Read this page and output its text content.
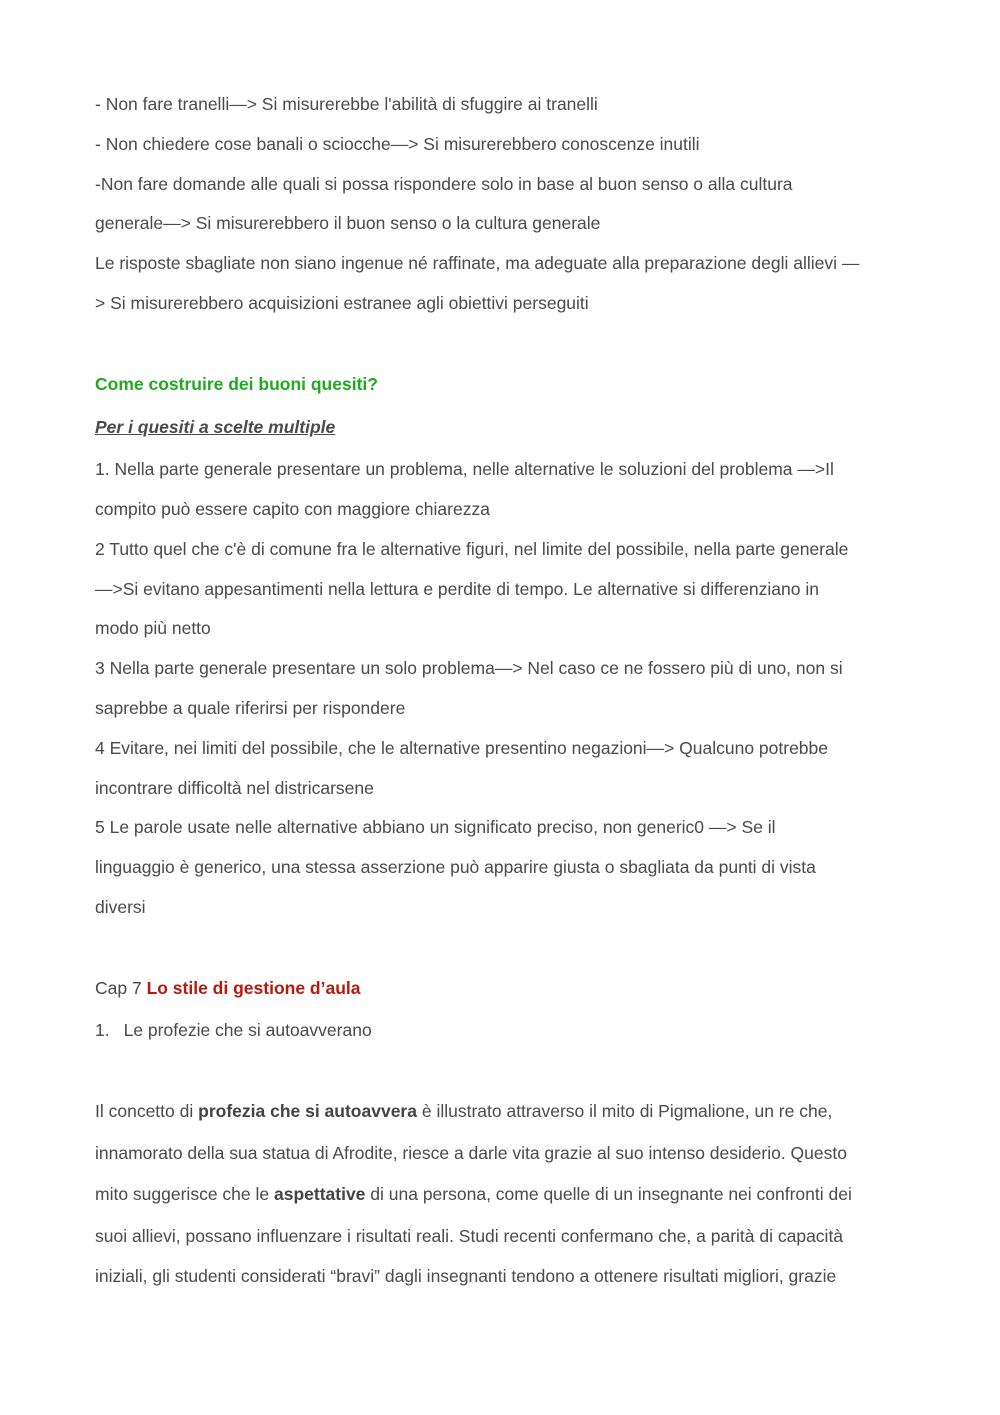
- Non fare tranelli—> Si misurerebbe l'abilità di sfuggire ai tranelli
- Non chiedere cose banali o sciocche—> Si misurerebbero conoscenze inutili
-Non fare domande alle quali si possa rispondere solo in base al buon senso o alla cultura
generale—> Si misurerebbero il buon senso o la cultura generale
Le risposte sbagliate non siano ingenue né raffinate, ma adeguate alla preparazione degli allievi —
> Si misurerebbero acquisizioni estranee agli obiettivi perseguiti
Come costruire dei buoni quesiti?
Per i quesiti a scelte multiple
1. Nella parte generale presentare un problema, nelle alternative le soluzioni del problema —>Il
compito può essere capito con maggiore chiarezza
2 Tutto quel che c'è di comune fra le alternative figuri, nel limite del possibile, nella parte generale
—>Si evitano appesantimenti nella lettura e perdite di tempo. Le alternative si differenziano in
modo più netto
3 Nella parte generale presentare un solo problema—> Nel caso ce ne fossero più di uno, non si
saprebbe a quale riferirsi per rispondere
4 Evitare, nei limiti del possibile, che le alternative presentino negazioni—> Qualcuno potrebbe
incontrare difficoltà nel districarsene
5 Le parole usate nelle alternative abbiano un significato preciso, non generic0 —> Se il
linguaggio è generico, una stessa asserzione può apparire giusta o sbagliata da punti di vista
diversi
Cap 7 Lo stile di gestione d’aula
1. Le profezie che si autoavverano
Il concetto di profezia che si autoavvera è illustrato attraverso il mito di Pigmalione, un re che,
innamorato della sua statua di Afrodite, riesce a darle vita grazie al suo intenso desiderio. Questo
mito suggerisce che le aspettative di una persona, come quelle di un insegnante nei confronti dei
suoi allievi, possano influenzare i risultati reali. Studi recenti confermano che, a parità di capacità
iniziali, gli studenti considerati “bravi” dagli insegnanti tendono a ottenere risultati migliori, grazie
